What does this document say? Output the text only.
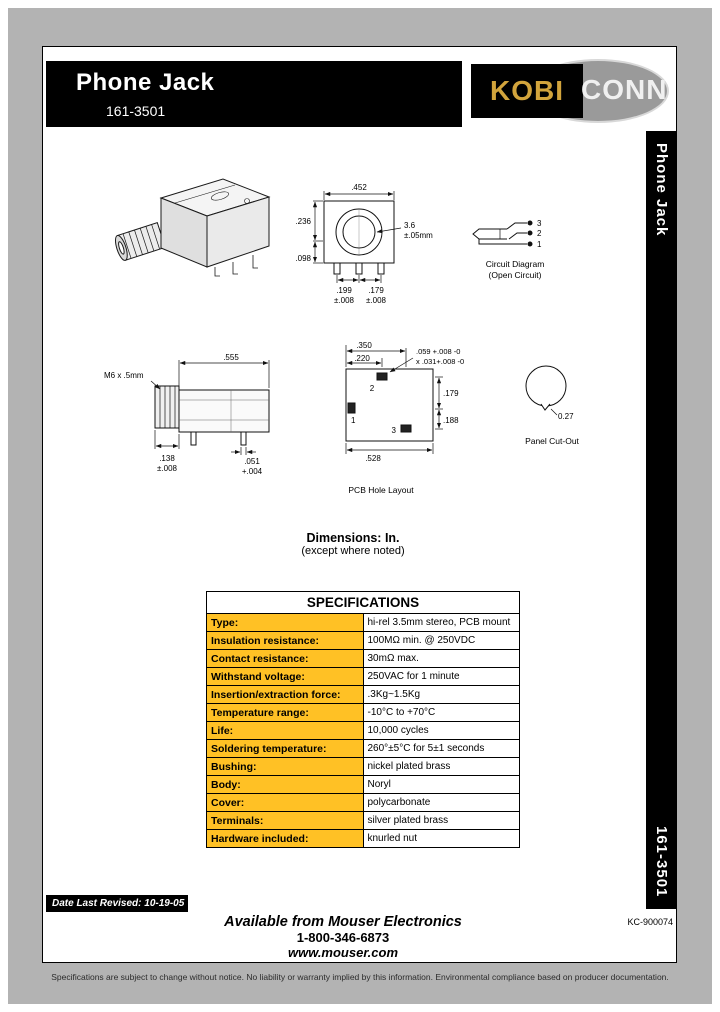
Phone Jack
161-3501
KOBI CONN
Phone Jack
161-3501
.452
.236
.098
3.6
±.05mm
.199
±.008
.179
±.008
3
2
1
Circuit Diagram
(Open Circuit)
M6 x .5mm
.555
.138
±.008
.051
+.004
.350
.220
.059 +.008 -0
x .031+.008 -0
.179
.188
.528
2
1
3
PCB Hole Layout
0.27
Panel Cut-Out
Dimensions: In.
(except where noted)
SPECIFICATIONS	
Type:	hi-rel 3.5mm stereo, PCB mount
Insulation resistance:	100MΩ min. @ 250VDC
Contact resistance:	30mΩ max.
Withstand voltage:	250VAC for 1 minute
Insertion/extraction force:	.3Kg~1.5Kg
Temperature range:	-10°C to +70°C
Life:	10,000 cycles
Soldering temperature:	260°±5°C for 5±1 seconds
Bushing:	nickel plated brass
Body:	Noryl
Cover:	polycarbonate
Terminals:	silver plated brass
Hardware included:	knurled nut
Date Last Revised: 10-19-05
Available from Mouser Electronics
1-800-346-6873
www.mouser.com
KC-900074
Specifications are subject to change without notice. No liability or warranty implied by this information. Environmental compliance based on producer documentation.
